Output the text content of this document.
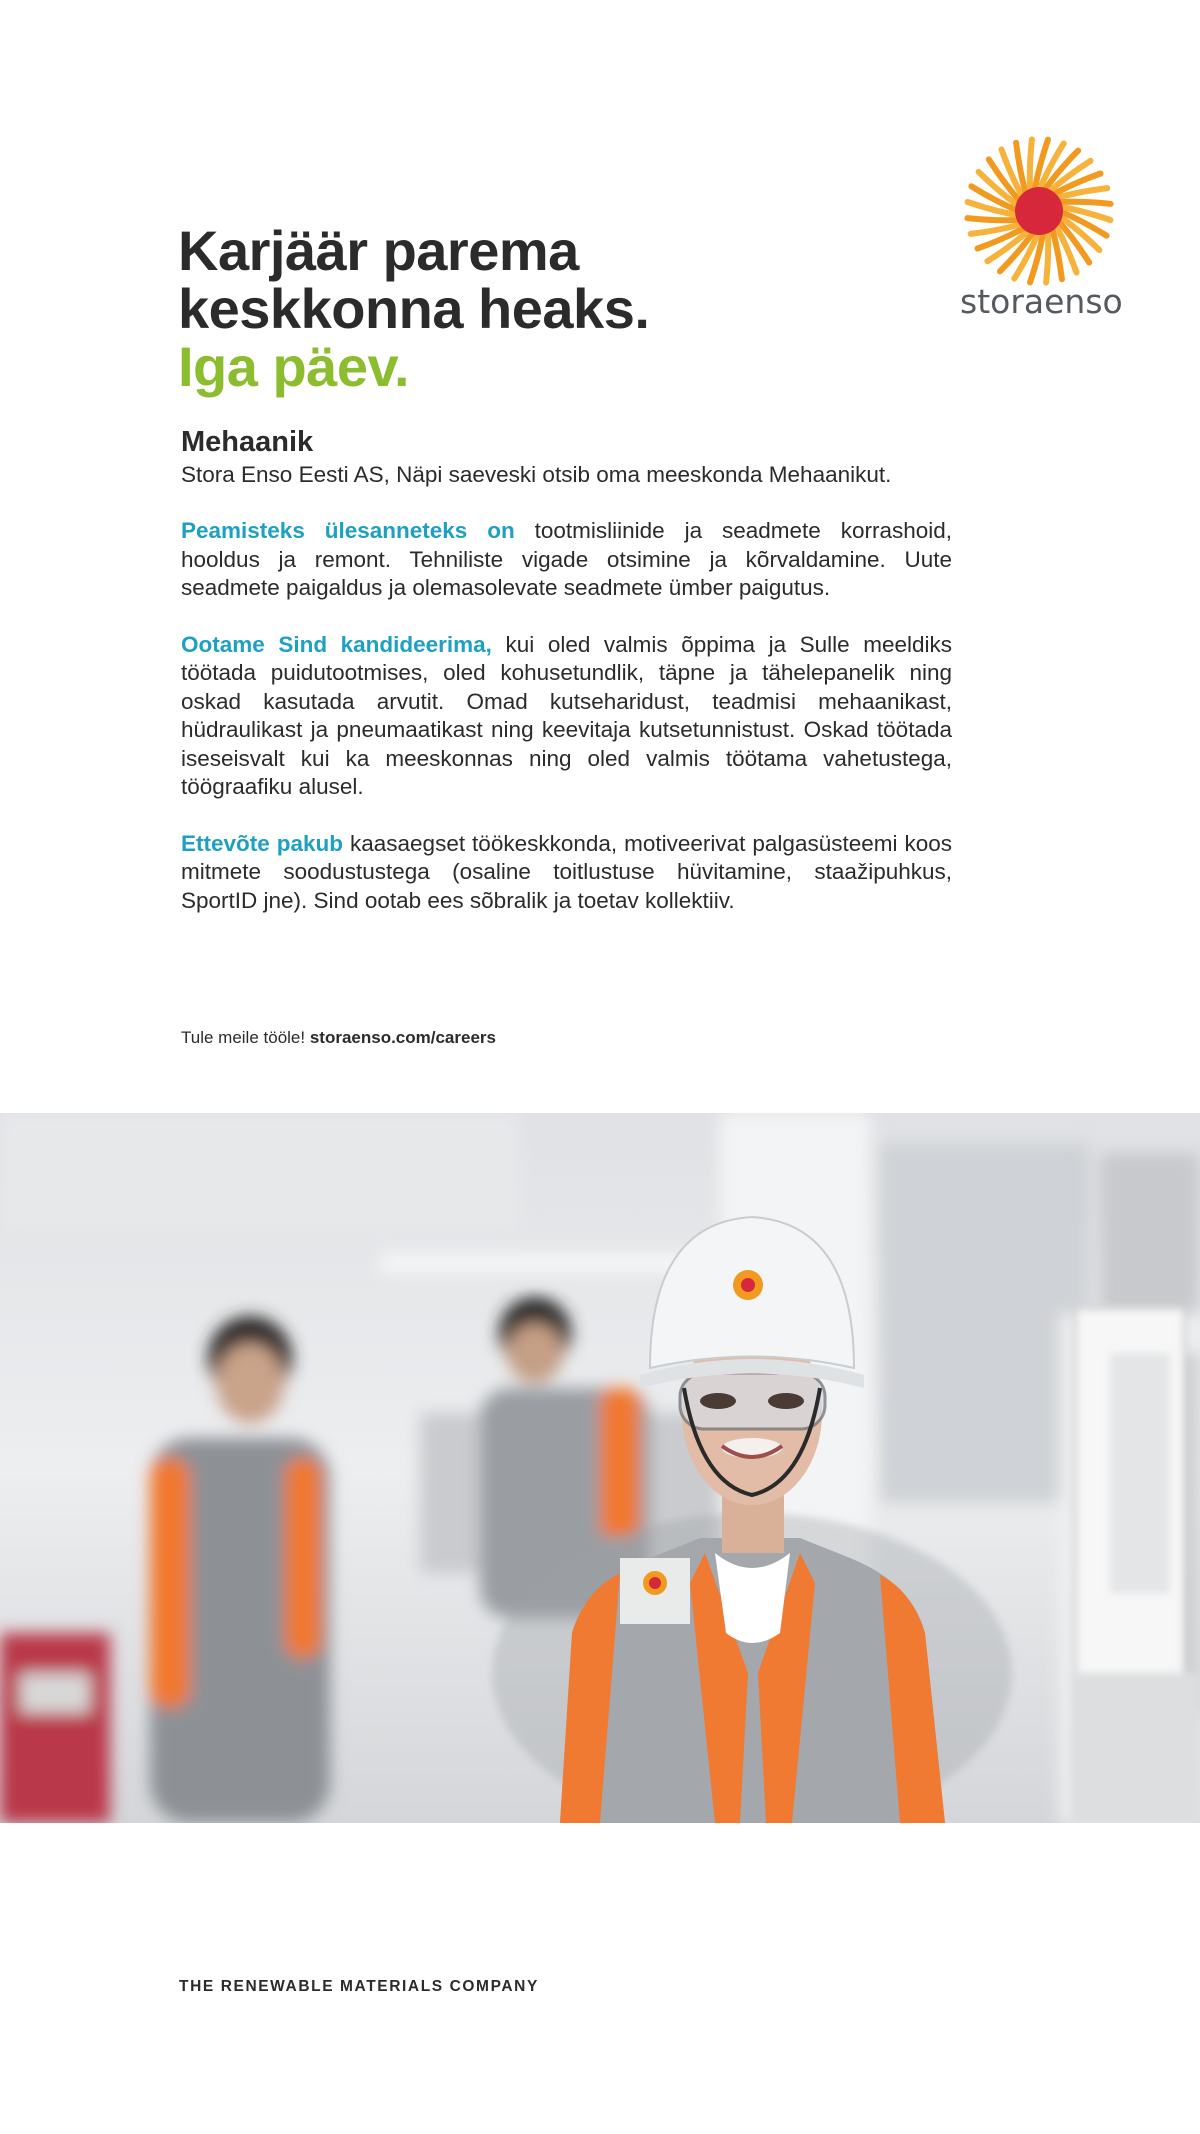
Karjäär parema
keskkonna heaks.
Iga päev.
storaenso
Mehaanik
Stora Enso Eesti AS, Näpi saeveski otsib oma meeskonda Mehaanikut.
Peamisteks ülesanneteks on tootmisliinide ja seadmete korrashoid, hooldus ja remont. Tehniliste vigade otsimine ja kõrvaldamine. Uute seadmete paigaldus ja olemasolevate seadmete ümber paigutus.
Ootame Sind kandideerima, kui oled valmis õppima ja Sulle meeldiks töötada puidutootmises, oled kohusetundlik, täpne ja tähelepanelik ning oskad kasutada arvutit. Omad kutseharidust, teadmisi mehaanikast, hüdraulikast ja pneumaatikast ning keevitaja kutsetunnistust. Oskad töötada iseseisvalt kui ka meeskonnas ning oled valmis töötama vahetustega, töögraafiku alusel.
Ettevõte pakub kaasaegset töökeskkonda, motiveerivat palgasüsteemi koos mitmete soodustustega (osaline toitlustuse hüvitamine, staažipuhkus, SportID jne). Sind ootab ees sõbralik ja toetav kollektiiv.
Tule meile tööle! storaenso.com/careers
THE RENEWABLE MATERIALS COMPANY
